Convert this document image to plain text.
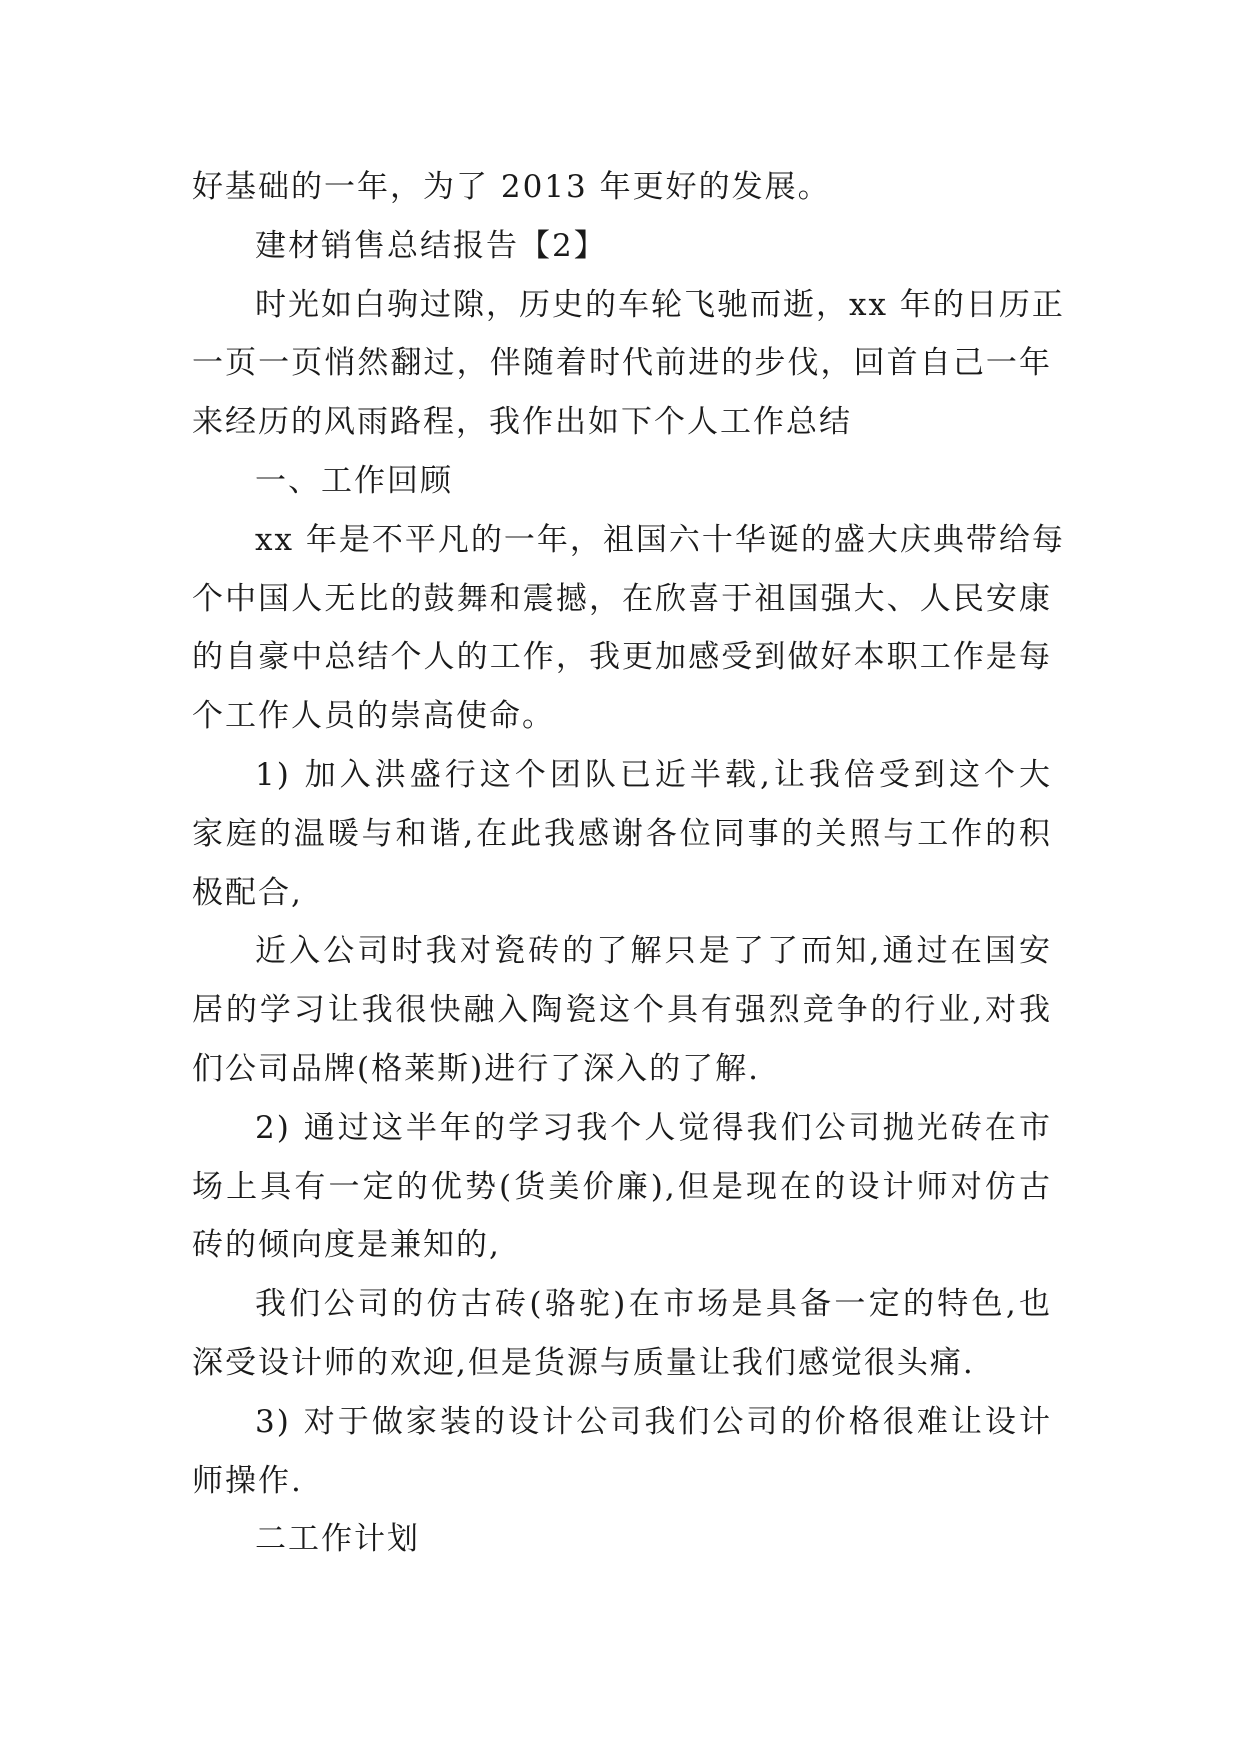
好基础的一年，为了 2013 年更好的发展。
建材销售总结报告【2】
时光如白驹过隙，历史的车轮飞驰而逝，xx 年的日历正
一页一页悄然翻过，伴随着时代前进的步伐，回首自己一年
来经历的风雨路程，我作出如下个人工作总结
一、工作回顾
xx 年是不平凡的一年，祖国六十华诞的盛大庆典带给每
个中国人无比的鼓舞和震撼，在欣喜于祖国强大、人民安康
的自豪中总结个人的工作，我更加感受到做好本职工作是每
个工作人员的崇高使命。
1) 加入洪盛行这个团队已近半载,让我倍受到这个大
家庭的温暖与和谐,在此我感谢各位同事的关照与工作的积
极配合,
近入公司时我对瓷砖的了解只是了了而知,通过在国安
居的学习让我很快融入陶瓷这个具有强烈竞争的行业,对我
们公司品牌(格莱斯)进行了深入的了解.
2) 通过这半年的学习我个人觉得我们公司抛光砖在市
场上具有一定的优势(货美价廉),但是现在的设计师对仿古
砖的倾向度是兼知的,
我们公司的仿古砖(骆驼)在市场是具备一定的特色,也
深受设计师的欢迎,但是货源与质量让我们感觉很头痛.
3) 对于做家装的设计公司我们公司的价格很难让设计
师操作.
二工作计划
